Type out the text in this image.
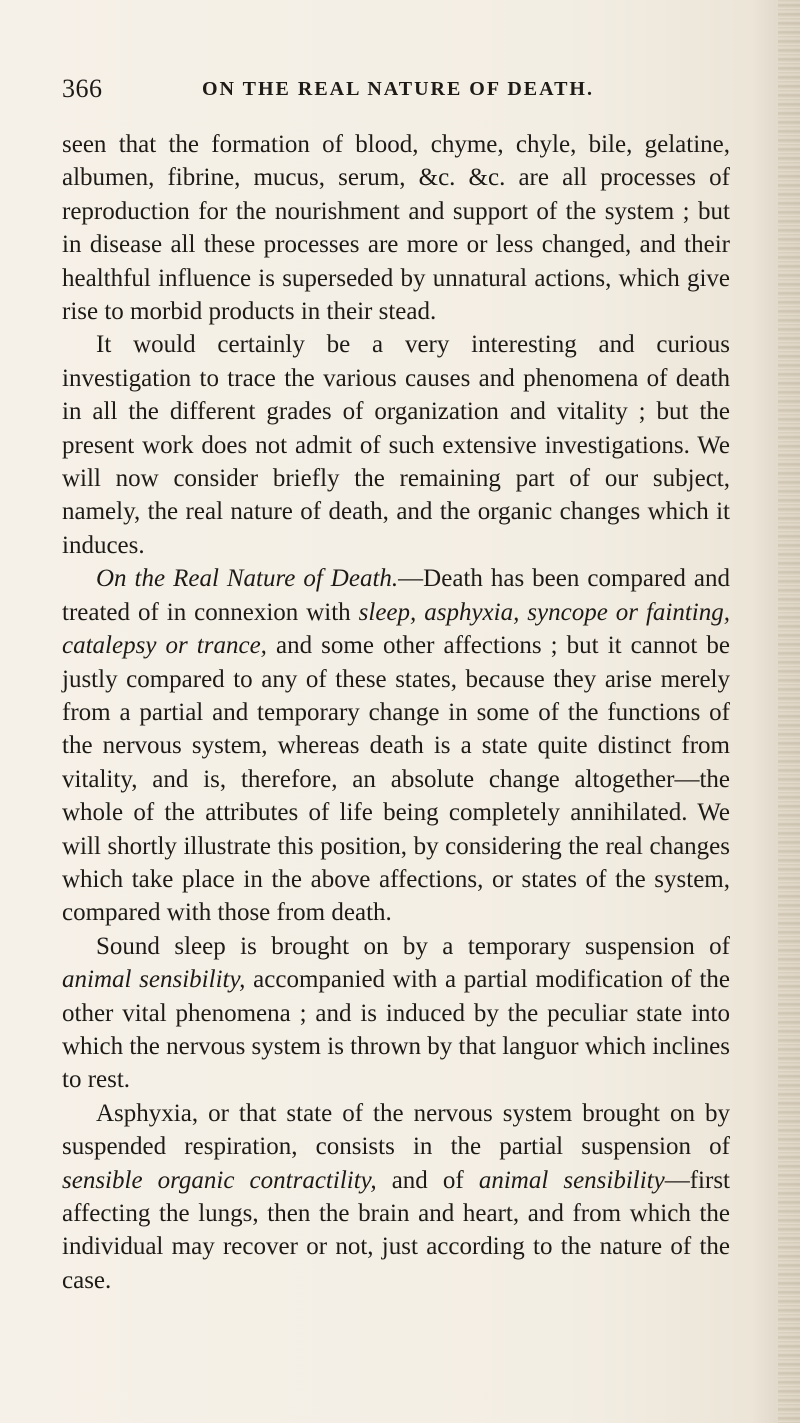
366	ON THE REAL NATURE OF DEATH.

seen that the formation of blood, chyme, chyle, bile, gelatine, albumen, fibrine, mucus, serum, &c. &c. are all processes of reproduction for the nourishment and support of the system ; but in disease all these processes are more or less changed, and their healthful influence is superseded by unnatural actions, which give rise to morbid products in their stead.

It would certainly be a very interesting and curious investigation to trace the various causes and phenomena of death in all the different grades of organization and vitality ; but the present work does not admit of such extensive investigations. We will now consider briefly the remaining part of our subject, namely, the real nature of death, and the organic changes which it induces.

On the Real Nature of Death.—Death has been compared and treated of in connexion with sleep, asphyxia, syncope or fainting, catalepsy or trance, and some other affections ; but it cannot be justly compared to any of these states, because they arise merely from a partial and temporary change in some of the functions of the nervous system, whereas death is a state quite distinct from vitality, and is, therefore, an absolute change altogether—the whole of the attributes of life being completely annihilated. We will shortly illustrate this position, by considering the real changes which take place in the above affections, or states of the system, compared with those from death.

Sound sleep is brought on by a temporary suspension of animal sensibility, accompanied with a partial modification of the other vital phenomena ; and is induced by the peculiar state into which the nervous system is thrown by that languor which inclines to rest.

Asphyxia, or that state of the nervous system brought on by suspended respiration, consists in the partial suspension of sensible organic contractility, and of animal sensibility—first affecting the lungs, then the brain and heart, and from which the individual may recover or not, just according to the nature of the case.
